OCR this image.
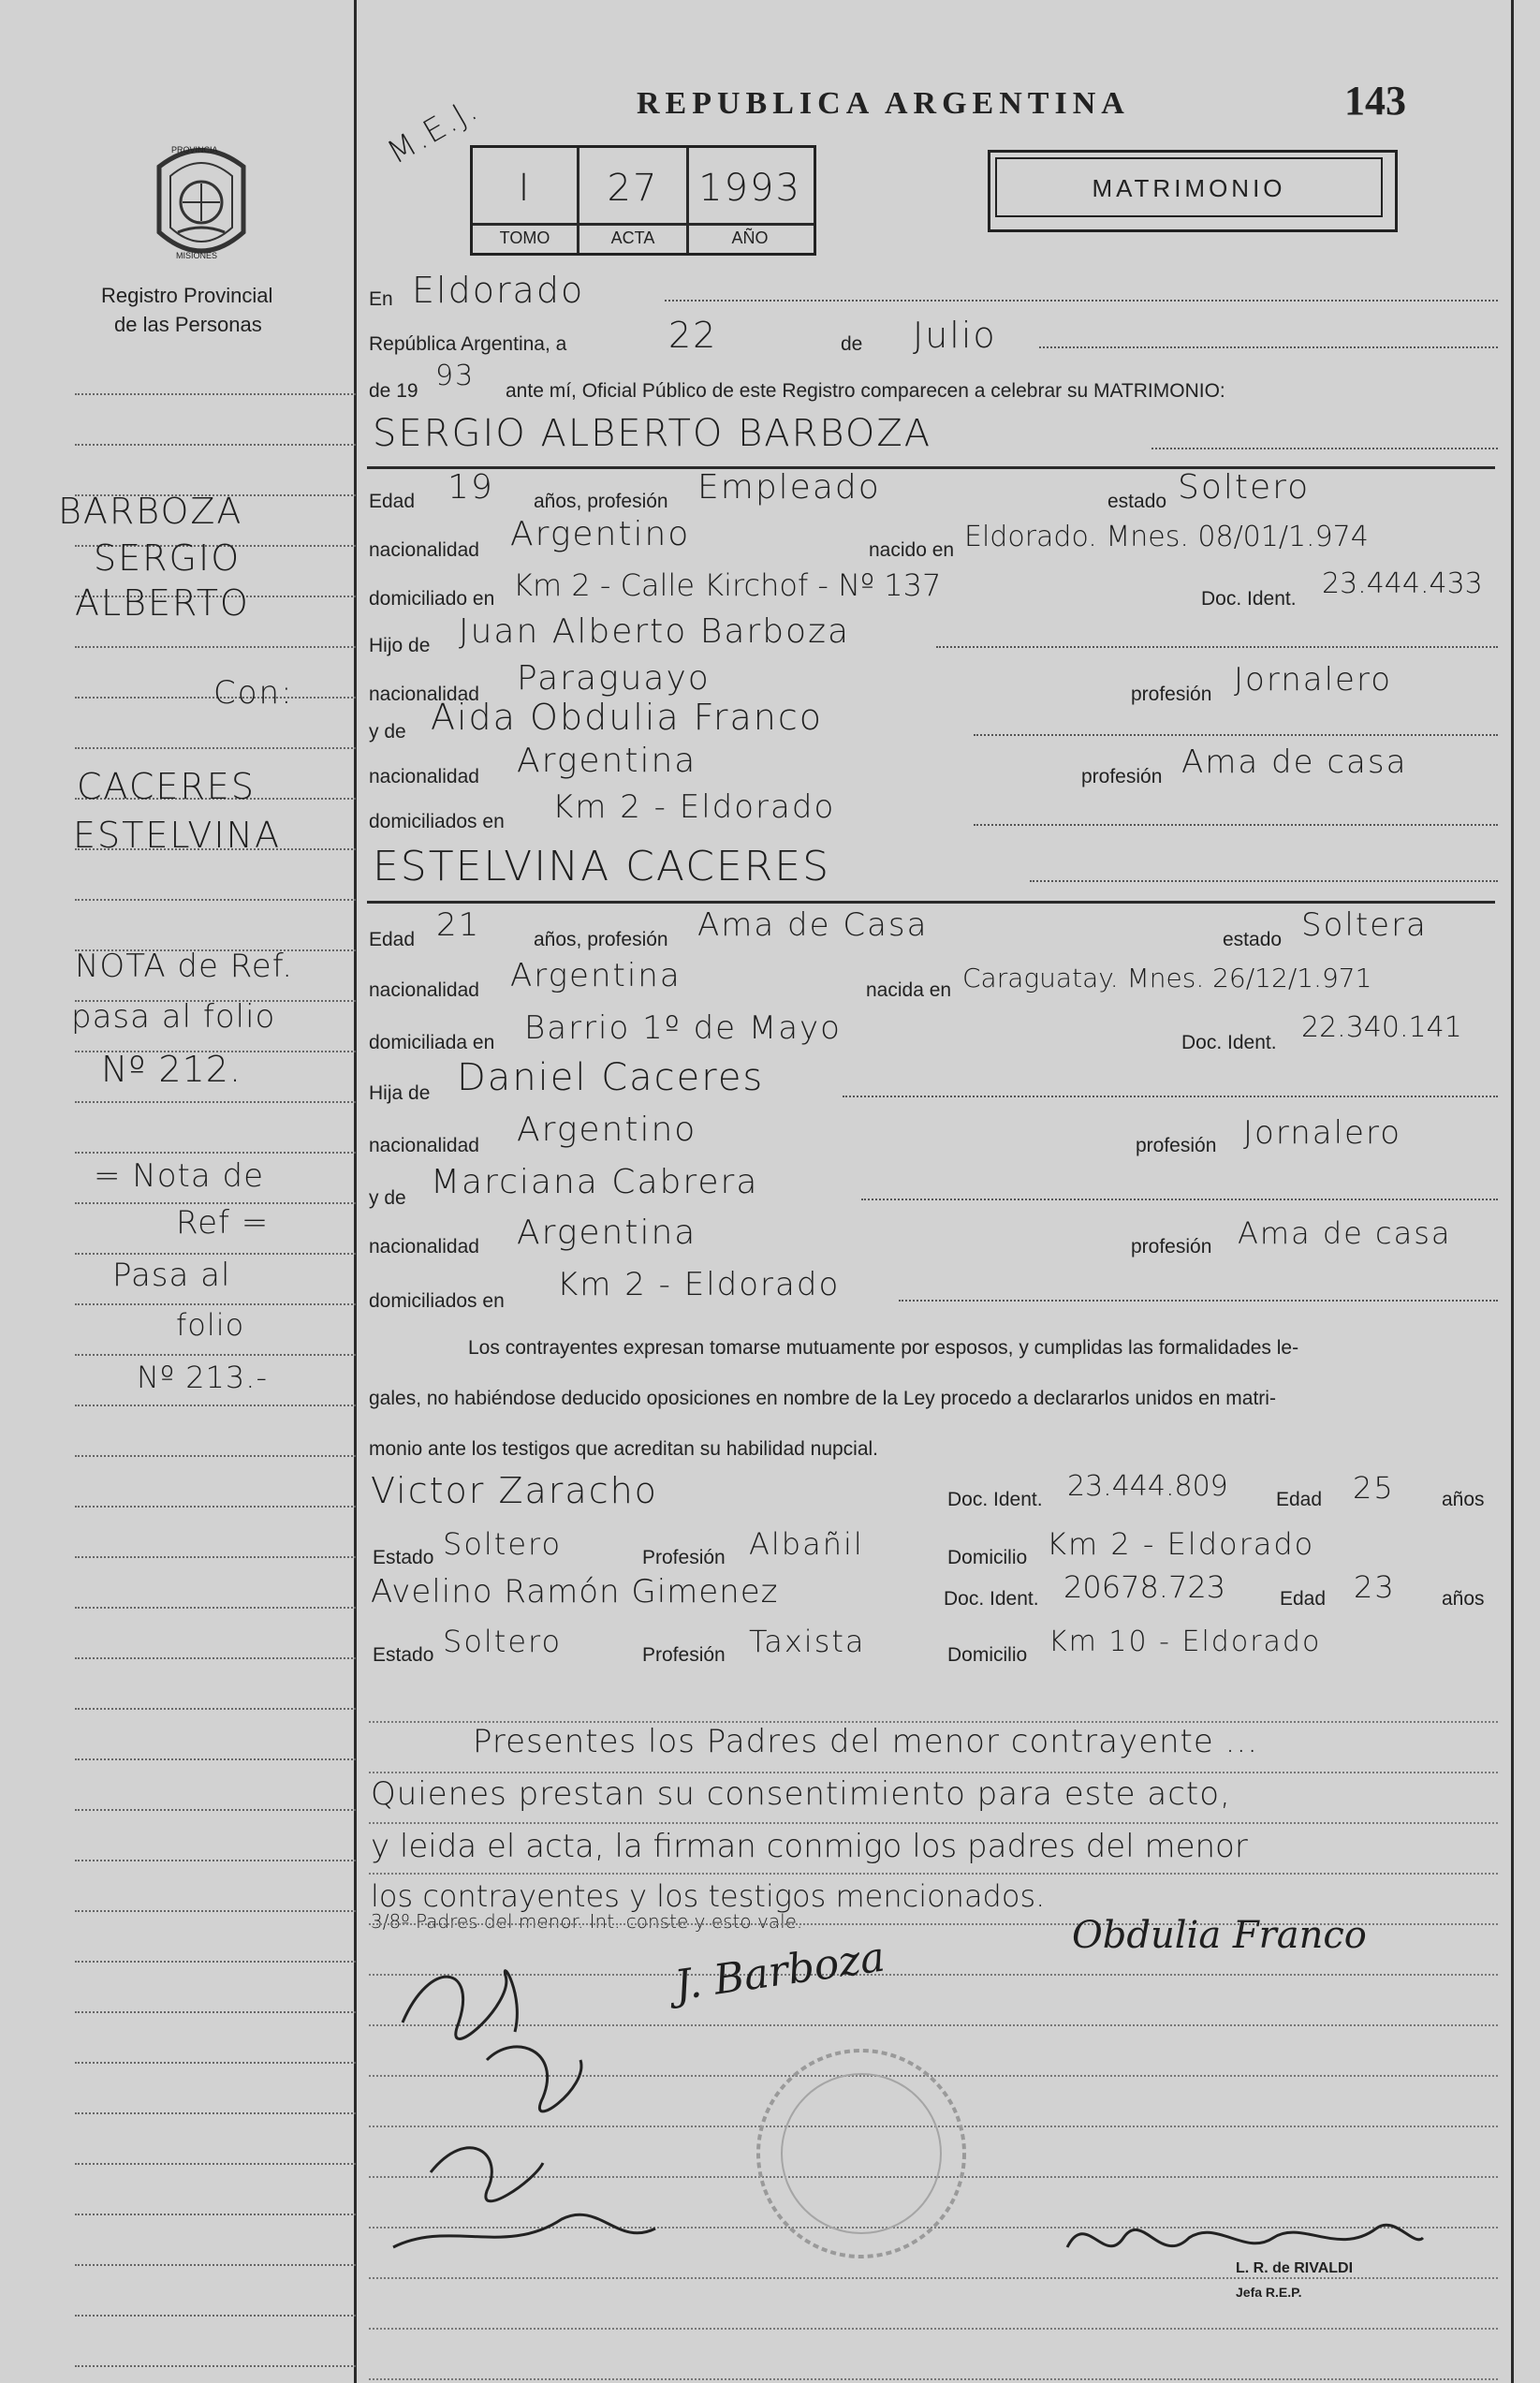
PROVINCIA
MISIONES
Registro Provincial
de las Personas
M.E.J.	REPUBLICA ARGENTINA	143
I	27	1993
TOMO	ACTA	AÑO
MATRIMONIO
En Eldorado
República Argentina, a	22	de Julio
de 19 93 ante mí, Oficial Público de este Registro comparecen a celebrar su MATRIMONIO:
SERGIO ALBERTO BARBOZA
Edad 19 años, profesión Empleado	estado Soltero
nacionalidad Argentino	nacido en Eldorado. Mnes. 08/01/1.974
domiciliado en Km 2 - Calle Kirchof - Nº 137	Doc. Ident. 23.444.433
Hijo de Juan Alberto Barboza
nacionalidad Paraguayo	profesión Jornalero
y de Aida Obdulia Franco
nacionalidad Argentina	profesión Ama de casa
domiciliados en Km 2 - Eldorado
ESTELVINA CACERES
Edad 21	años, profesión Ama de Casa	estado Soltera
nacionalidad Argentina	nacida en Caraguatay. Mnes. 26/12/1.971
domiciliada en Barrio 1º de Mayo	Doc. Ident. 22.340.141
Hija de Daniel Caceres
nacionalidad Argentino	profesión Jornalero
y de Marciana Cabrera
nacionalidad Argentina	profesión Ama de casa
domiciliados en Km 2 - Eldorado
Los contrayentes expresan tomarse mutuamente por esposos, y cumplidas las formalidades le-
gales, no habiéndose deducido oposiciones en nombre de la Ley procedo a declararlos unidos en matri-
monio ante los testigos que acreditan su habilidad nupcial.
Victor Zaracho	Doc. Ident. 23.444.809 Edad 25 años
Estado Soltero	Profesión Albañil	Domicilio Km 2 - Eldorado
Avelino Ramón Gimenez	Doc. Ident. 20678.723	Edad 23 años
Estado Soltero	Profesión Taxista	Domicilio Km 10 - Eldorado
Presentes los Padres del menor contrayente ...
Quienes prestan su consentimiento para este acto,
y leida el acta, la firman conmigo los padres del menor
los contrayentes y los testigos mencionados.
3/8º Padres del menor. Int. conste y esto vale.	Obdulia Franco
J. Barboza
L. R. de RIVALDI
Jefa R.E.P.
BARBOZA
SERGIO
ALBERTO
Con:
CACERES
ESTELVINA
NOTA de Ref.
pasa al folio
Nº 212.
= Nota de
Ref =
Pasa al
folio
Nº 213.-
